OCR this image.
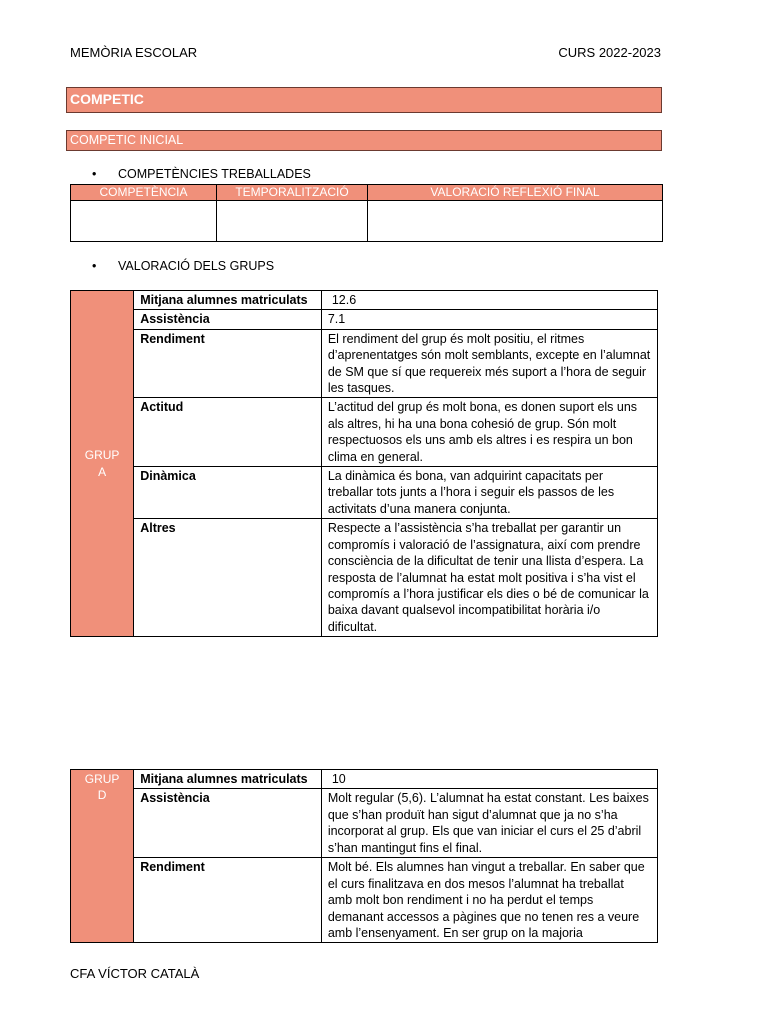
MEMÒRIA ESCOLAR	CURS 2022-2023
COMPETIC
COMPETIC INICIAL
• COMPETÈNCIES TREBALLADES
COMPETÈNCIA	TEMPORALITZACIÓ	VALORACIÓ REFLEXIÓ FINAL

• VALORACIÓ DELS GRUPS
GRUP
A	Mitjana alumnes matriculats	12.6
	Assistència	7.1
	Rendiment	El rendiment del grup és molt positiu, el ritmes d’aprenentatges són molt semblants, excepte en l’alumnat de SM que sí que requereix més suport a l’hora de seguir les tasques.
	Actitud	L’actitud del grup és molt bona, es donen suport els uns als altres, hi ha una bona cohesió de grup. Són molt respectuosos els uns amb els altres i es respira un bon clima en general.
	Dinàmica	La dinàmica és bona, van adquirint capacitats per treballar tots junts a l’hora i seguir els passos de les activitats d’una manera conjunta.
	Altres	Respecte a l’assistència s’ha treballat per garantir un compromís i valoració de l’assignatura, així com prendre consciència de la dificultat de tenir una llista d’espera. La resposta de l’alumnat ha estat molt positiva i s’ha vist el compromís a l’hora justificar els dies o bé de comunicar la baixa davant qualsevol incompatibilitat horària i/o dificultat.
GRUP
D	Mitjana alumnes matriculats	10
	Assistència	Molt regular (5,6). L’alumnat ha estat constant. Les baixes que s’han produït han sigut d’alumnat que ja no s’ha incorporat al grup. Els que van iniciar el curs el 25 d’abril s’han mantingut fins el final.
	Rendiment	Molt bé. Els alumnes han vingut a treballar. En saber que el curs finalitzava en dos mesos l’alumnat ha treballat amb molt bon rendiment i no ha perdut el temps demanant accessos a pàgines que no tenen res a veure amb l’ensenyament. En ser grup on la majoria
CFA VÍCTOR CATALÀ
